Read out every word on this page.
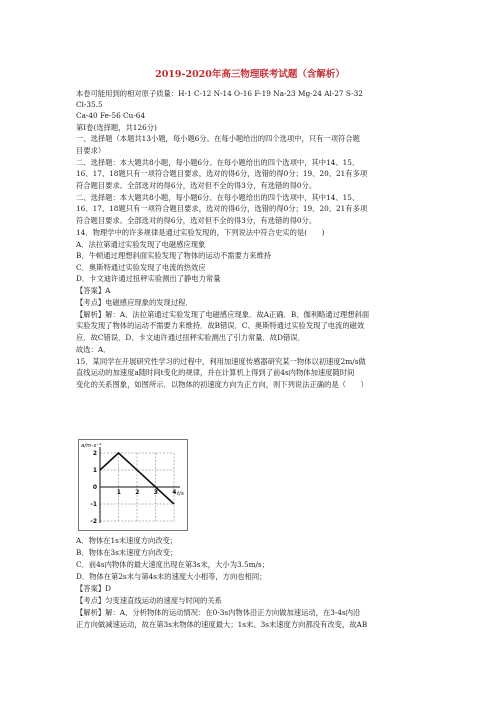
2019-2020年高三物理联考试题（含解析）
本卷可能用到的相对原子质量：H-1 C-12 N-14 O-16 F-19 Na-23 Mg-24 Al-27 S-32
Cl-35.5
Ca-40 Fe-56 Cu-64
第Ⅰ卷(选择题，共126分)
一、选择题（本题共13小题，每小题6分。在每小题给出的四个选项中，只有一项符合题
目要求）
二、选择题：本大题共8小题，每小题6分。在每小题给出的四个选项中，其中14、15、
16、17、18题只有一项符合题目要求，选对的得6分，选错的得0分；19、20、21有多项
符合题目要求。全部选对的得6分，选对但不全的得3分，有选错的得0分。
二、选择题：本大题共8小题，每小题6分。在每小题给出的四个选项中，其中14、15、
16、17、18题只有一项符合题目要求，选对的得6分，选错的得0分；19、20、21有多项
符合题目要求。全部选对的得6分，选对但不全的得3分，有选错的得0分。
14．物理学中的许多规律是通过实验发现的，下列说法中符合史实的是(　　)
A．法拉第通过实验发现了电磁感应现象
B．牛顿通过理想斜面实验发现了物体的运动不需要力来维持
C．奥斯特通过实验发现了电流的热效应
D．卡文迪许通过扭秤实验测出了静电力常量
【答案】A
【考点】电磁感应现象的发现过程．
【解析】解：A、法拉第通过实验发现了电磁感应现象．故A正确．B、伽利略通过理想斜面
实验发现了物体的运动不需要力来维持．故B错误．C、奥斯特通过实验发现了电流的磁效
应．故C错误．D、卡文迪许通过扭秤实验测出了引力常量．故D错误．
故选：A．
15．某同学在开展研究性学习的过程中，利用加速度传感器研究某一物体以初速度2m/s做
直线运动的加速度a随时间t变化的规律，并在计算机上得到了前4s内物体加速度随时间
变化的关系图象，如图所示．以物体的初速度方向为正方向，则下列说法正确的是（　　）
1 2 3 4
2
1
0
-1
-2
a/m·s⁻²
t/s
A．物体在1s末速度方向改变；
B．物体在3s末速度方向改变；
C．前4s内物体的最大速度出现在第3s末，大小为3.5m/s；
D．物体在第2s末与第4s末的速度大小相等，方向也相同；
【答案】D
【考点】匀变速直线运动的速度与时间的关系
【解析】解：A、分析物体的运动情况：在0-3s内物体沿正方向做加速运动，在3-4s内沿
正方向做减速运动，故在第3s末物体的速度最大；1s末、3s末速度方向都没有改变，故AB
